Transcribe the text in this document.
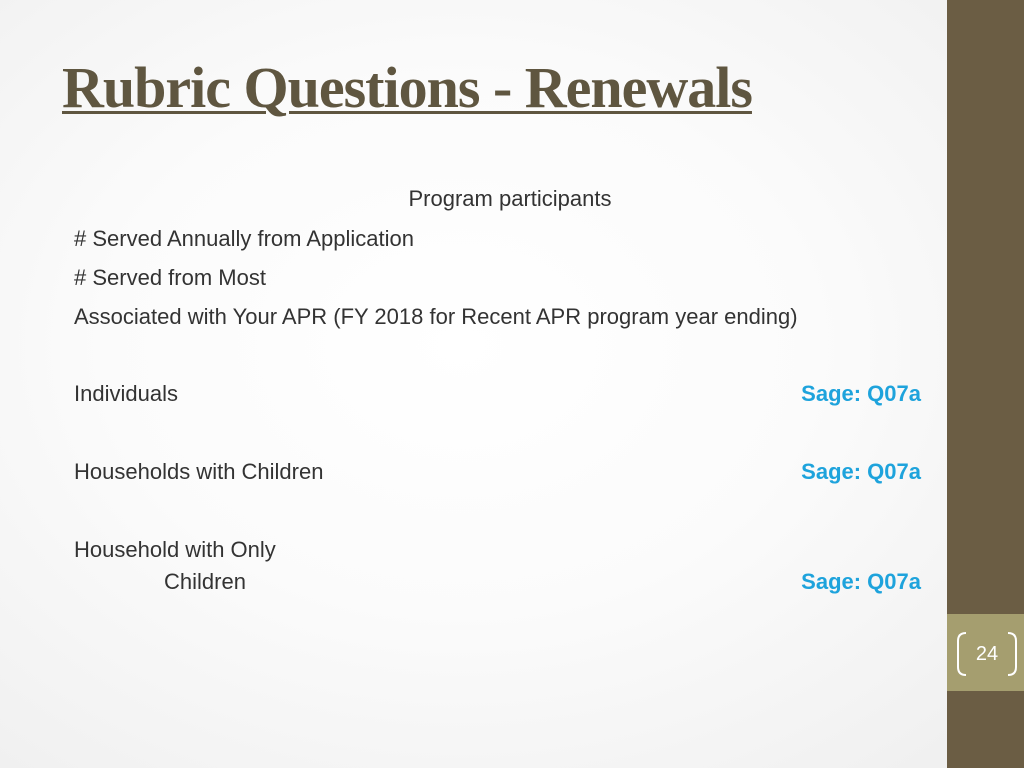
24
Rubric Questions - Renewals
Program participants
# Served Annually from Application
# Served from Most
Associated with Your APR (FY 2018 for Recent APR program year ending)
Individuals	Sage: Q07a
Households with Children	Sage: Q07a
Household with Only
Children	Sage: Q07a
